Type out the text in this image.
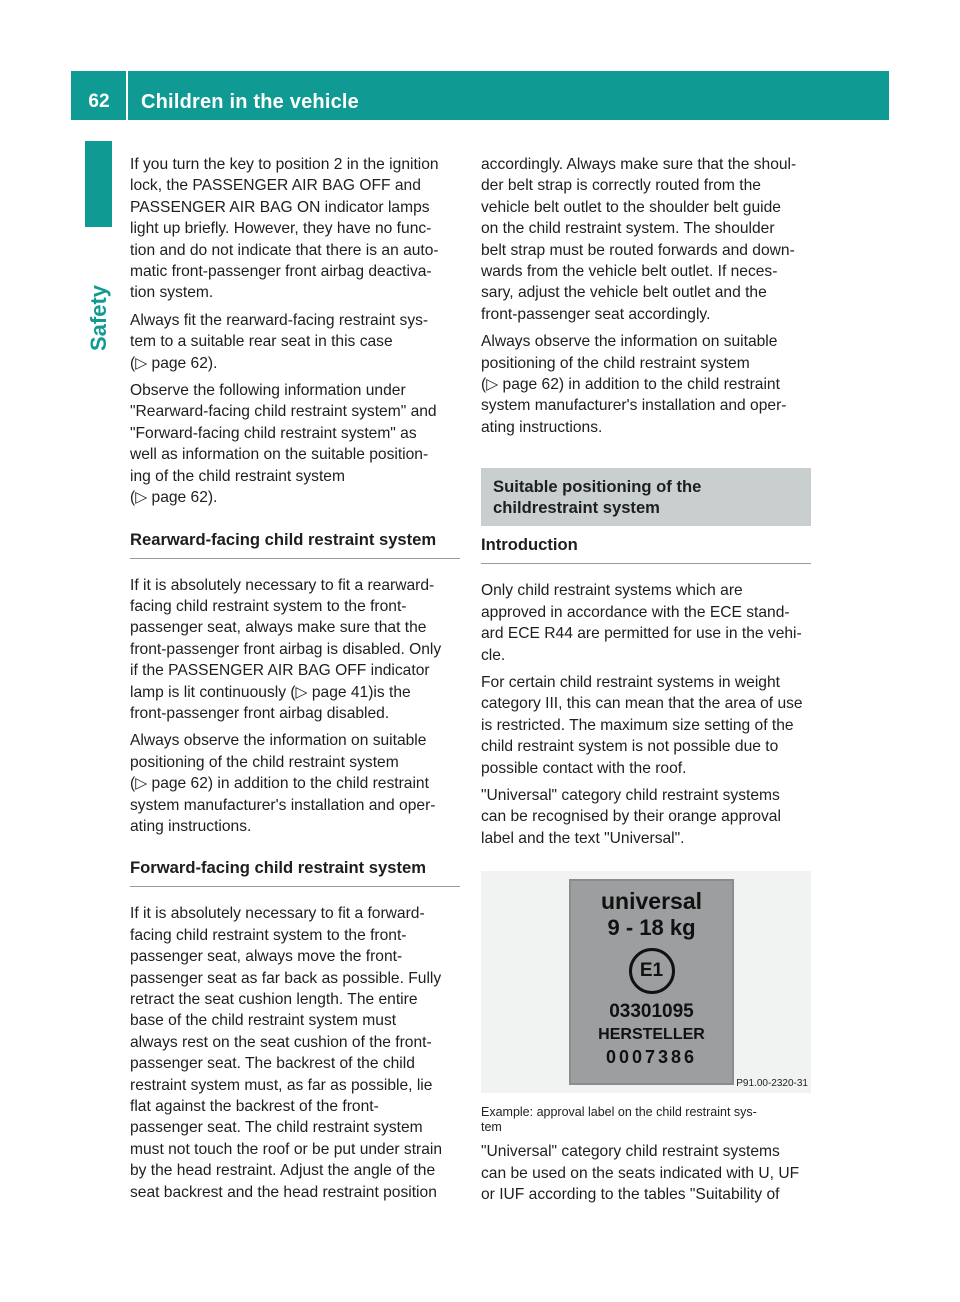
62	Children in the vehicle
Safety

If you turn the key to position 2 in the ignition
lock, the PASSENGER AIR BAG OFF and
PASSENGER AIR BAG ON indicator lamps
light up briefly. However, they have no func-
tion and do not indicate that there is an auto-
matic front-passenger front airbag deactiva-
tion system.

Always fit the rearward-facing restraint sys-
tem to a suitable rear seat in this case
(▷ page 62).

Observe the following information under
"Rearward-facing child restraint system" and
"Forward-facing child restraint system" as
well as information on the suitable position-
ing of the child restraint system
(▷ page 62).

Rearward-facing child restraint system

If it is absolutely necessary to fit a rearward-
facing child restraint system to the front-
passenger seat, always make sure that the
front-passenger front airbag is disabled. Only
if the PASSENGER AIR BAG OFF indicator
lamp is lit continuously (▷ page 41)is the
front-passenger front airbag disabled.

Always observe the information on suitable
positioning of the child restraint system
(▷ page 62) in addition to the child restraint
system manufacturer's installation and oper-
ating instructions.

Forward-facing child restraint system

If it is absolutely necessary to fit a forward-
facing child restraint system to the front-
passenger seat, always move the front-
passenger seat as far back as possible. Fully
retract the seat cushion length. The entire
base of the child restraint system must
always rest on the seat cushion of the front-
passenger seat. The backrest of the child
restraint system must, as far as possible, lie
flat against the backrest of the front-
passenger seat. The child restraint system
must not touch the roof or be put under strain
by the head restraint. Adjust the angle of the
seat backrest and the head restraint position

accordingly. Always make sure that the shoul-
der belt strap is correctly routed from the
vehicle belt outlet to the shoulder belt guide
on the child restraint system. The shoulder
belt strap must be routed forwards and down-
wards from the vehicle belt outlet. If neces-
sary, adjust the vehicle belt outlet and the
front-passenger seat accordingly.

Always observe the information on suitable
positioning of the child restraint system
(▷ page 62) in addition to the child restraint
system manufacturer's installation and oper-
ating instructions.

Suitable positioning of the childrestraint system
Introduction

Only child restraint systems which are
approved in accordance with the ECE stand-
ard ECE R44 are permitted for use in the vehi-
cle.

For certain child restraint systems in weight
category III, this can mean that the area of use
is restricted. The maximum size setting of the
child restraint system is not possible due to
possible contact with the roof.

"Universal" category child restraint systems
can be recognised by their orange approval
label and the text "Universal".

universal
9 - 18 kg
E1
03301095
HERSTELLER
0007386
P91.00-2320-31
Example: approval label on the child restraint sys-
tem

"Universal" category child restraint systems
can be used on the seats indicated with U, UF
or IUF according to the tables "Suitability of
